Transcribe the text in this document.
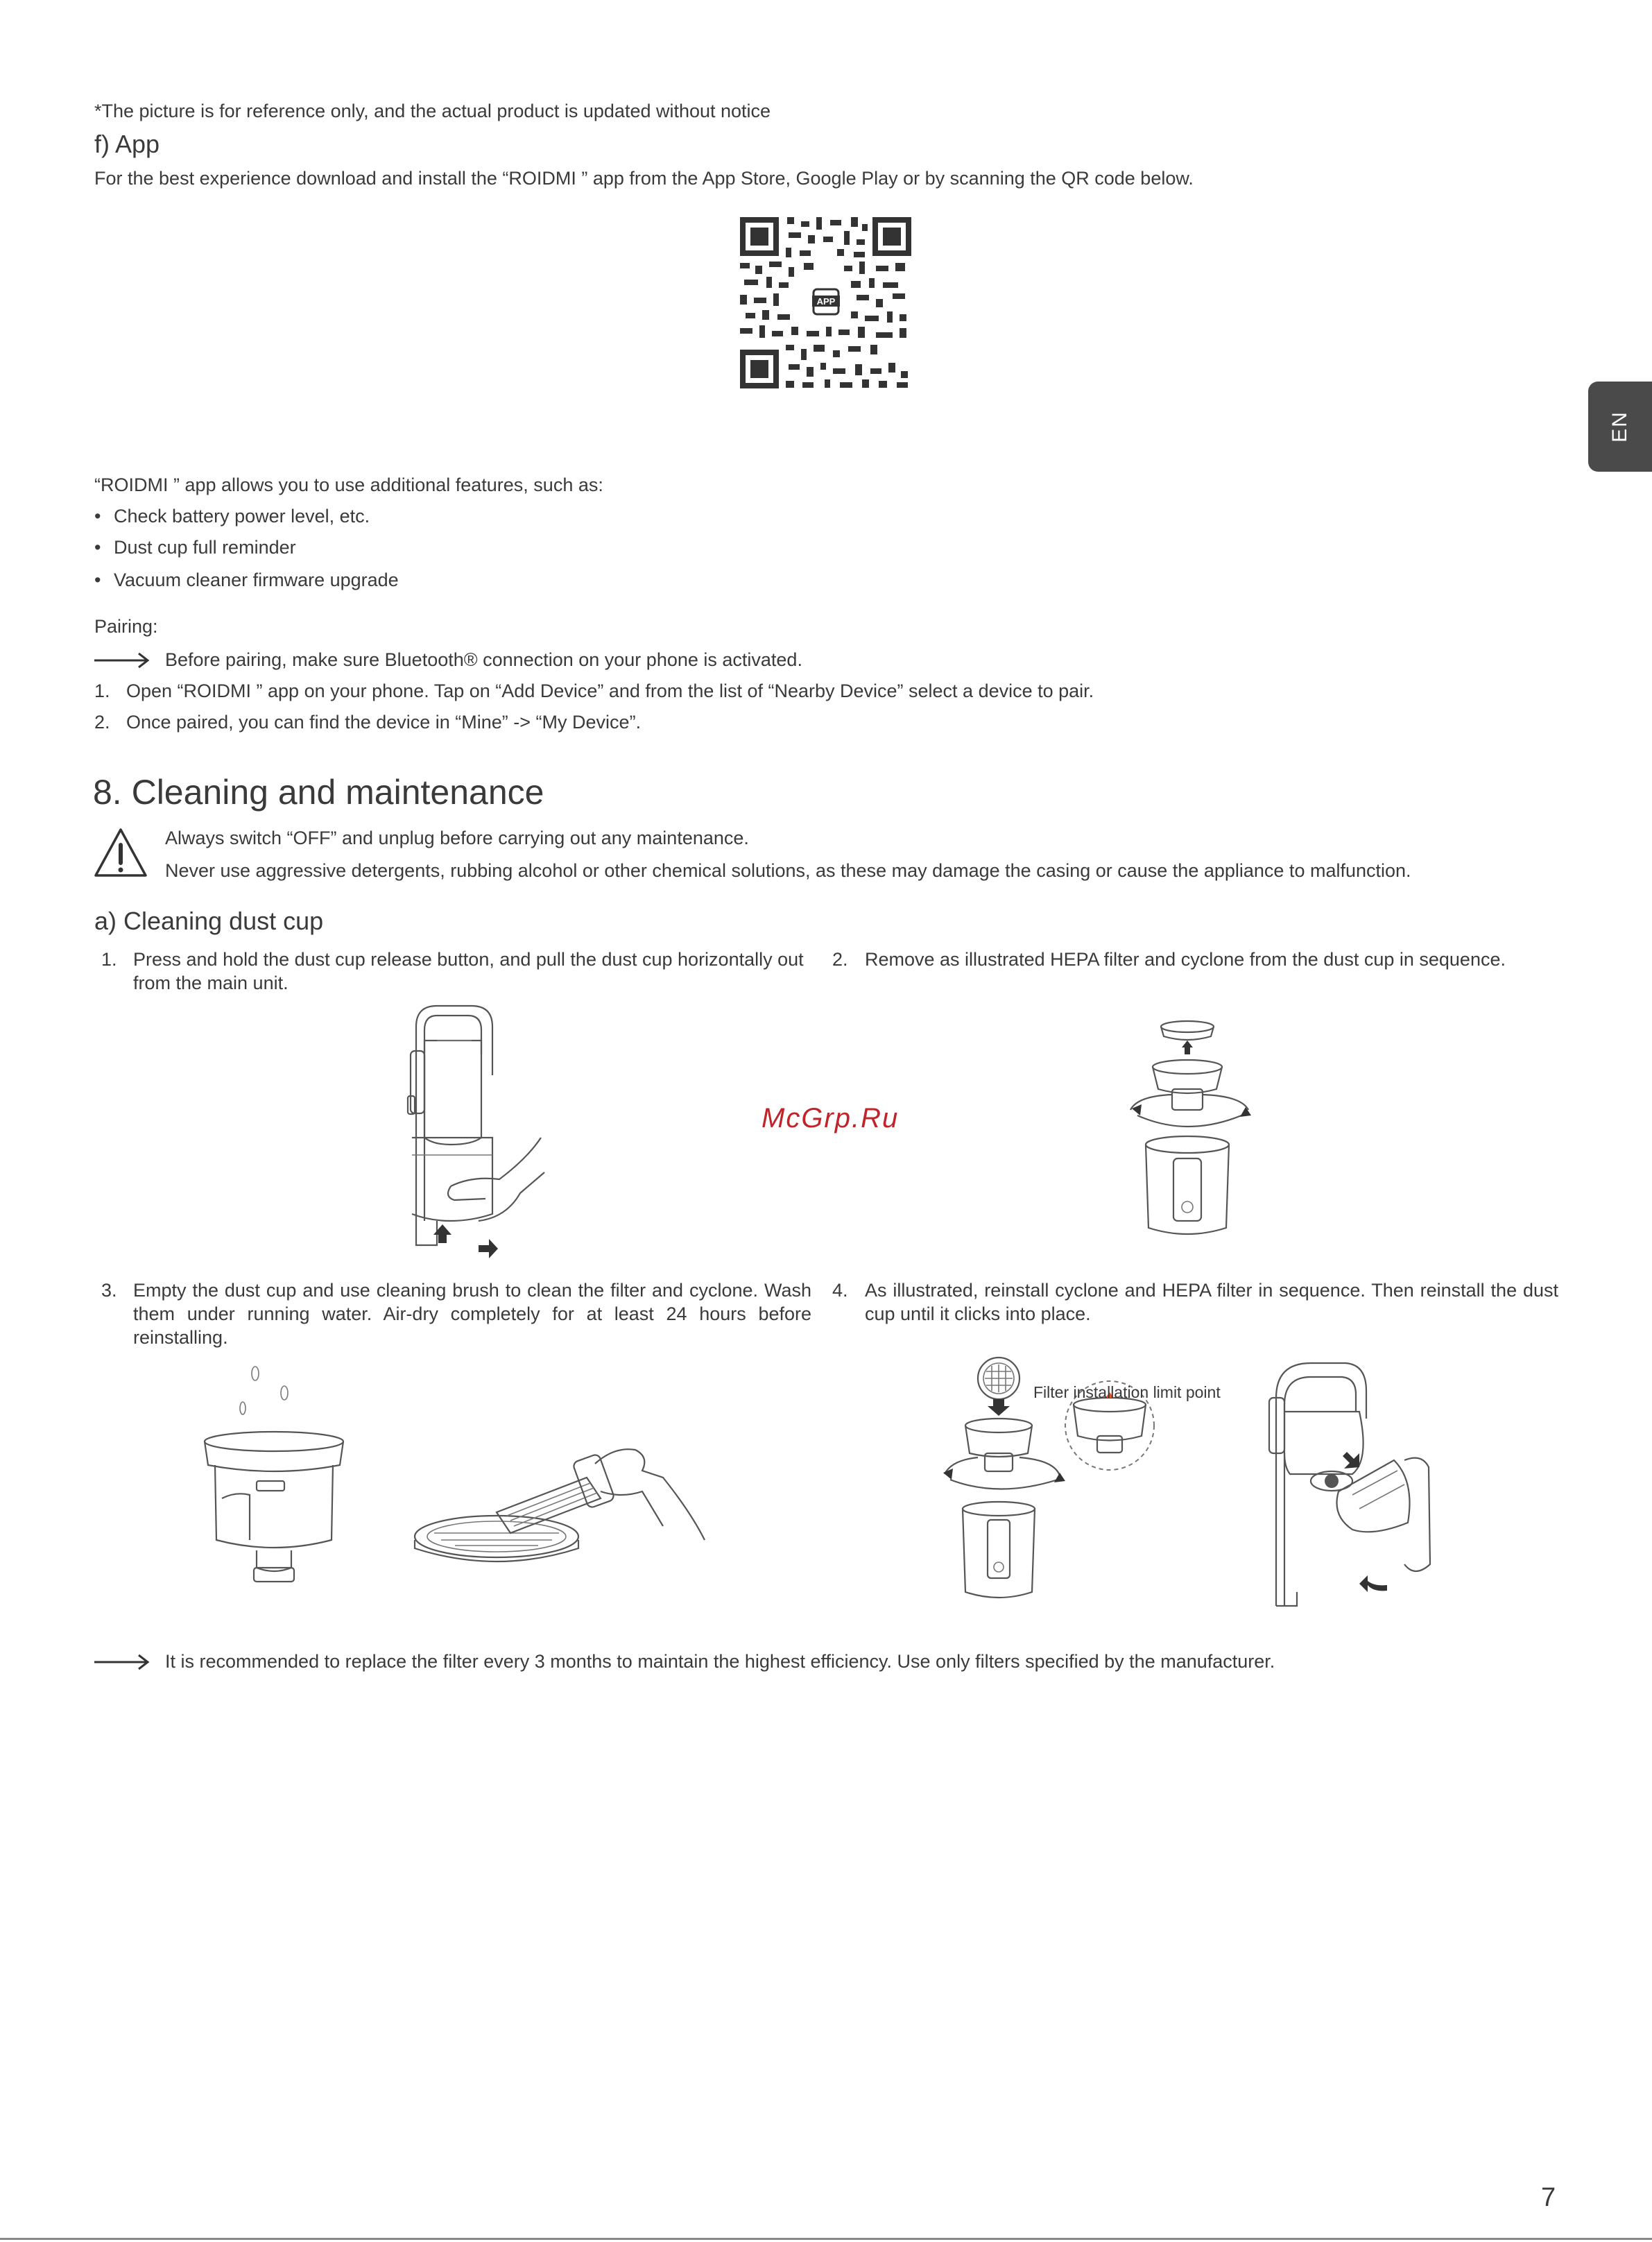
*The picture is for reference only, and the actual product is updated without notice
f) App
For the best experience download and install the “ROIDMI ” app from the App Store, Google Play or by scanning the QR code below.
APP
“ROIDMI ” app allows you to use additional features, such as:
• Check battery power level, etc.
• Dust cup full reminder
• Vacuum cleaner firmware upgrade
Pairing:
Before pairing, make sure Bluetooth® connection on your phone is activated.
1. Open “ROIDMI ” app on your phone. Tap on “Add Device” and from the list of “Nearby Device” select a device to pair.
2. Once paired, you can find the device in “Mine” -> “My Device”.
8. Cleaning and maintenance
Always switch “OFF” and unplug before carrying out any maintenance.
Never use aggressive detergents, rubbing alcohol or other chemical solutions, as these may damage the casing or cause the appliance to malfunction.
a) Cleaning dust cup
1. Press and hold the dust cup release button, and pull the dust cup horizontally out from the main unit.
2. Remove as illustrated HEPA filter and cyclone from the dust cup in sequence.
McGrp.Ru
3. Empty the dust cup and use cleaning brush to clean the filter and cyclone. Wash them under running water. Air-dry completely for at least 24 hours before reinstalling.
4. As illustrated, reinstall cyclone and HEPA filter in sequence. Then reinstall the dust cup until it clicks into place.
Filter installation limit point
It is recommended to replace the filter every 3 months to maintain the highest efficiency. Use only filters specified by the manufacturer.
EN
7
